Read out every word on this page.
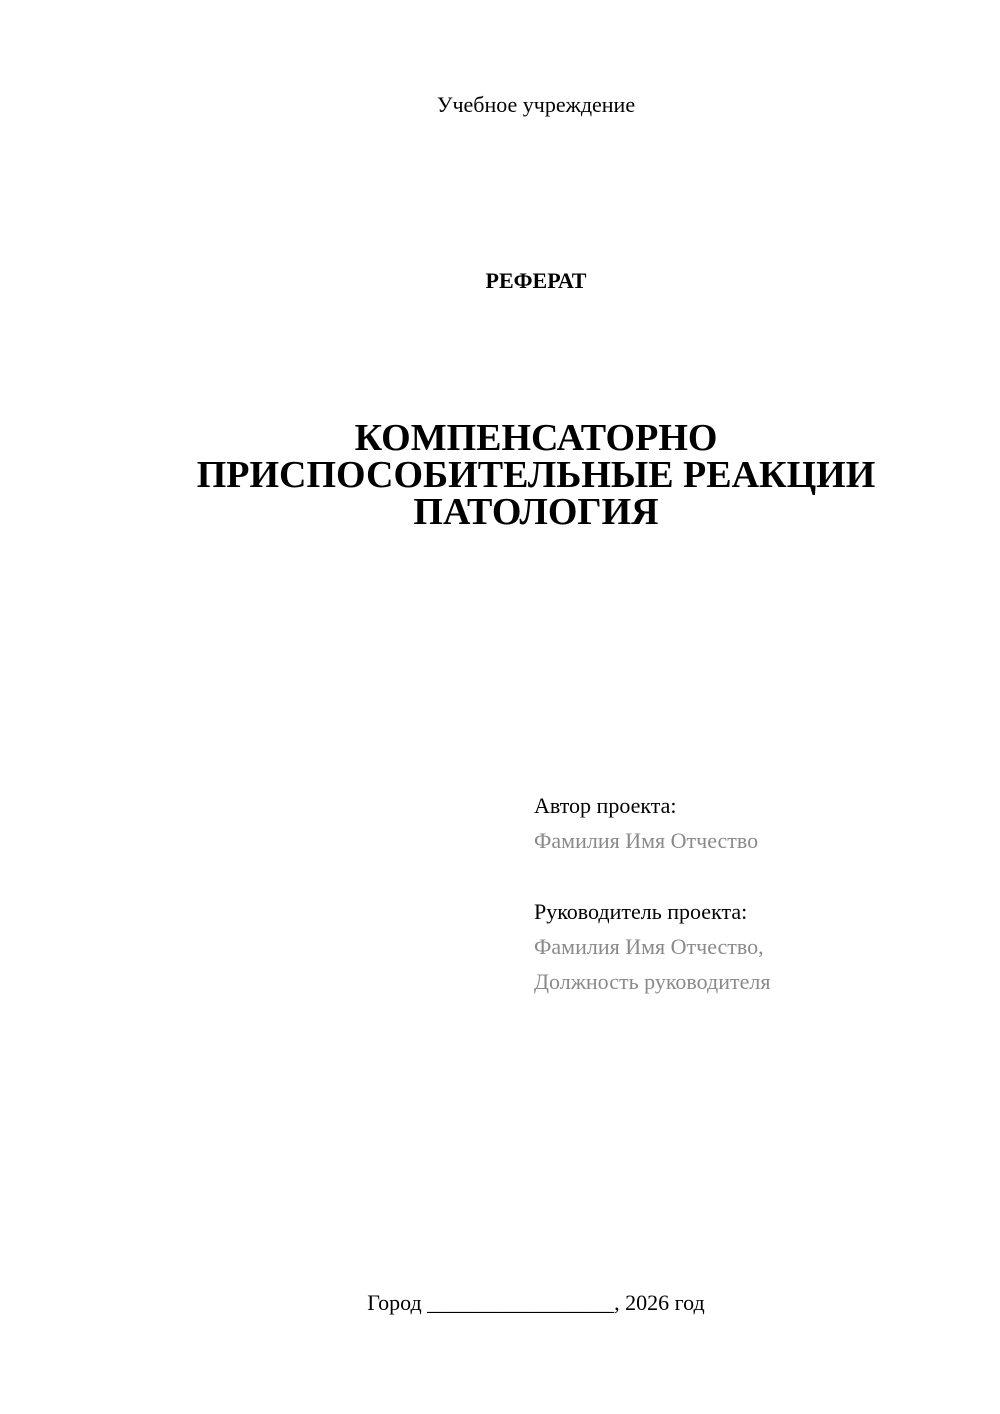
Учебное учреждение
РЕФЕРАТ
КОМПЕНСАТОРНО
ПРИСПОСОБИТЕЛЬНЫЕ РЕАКЦИИ
ПАТОЛОГИЯ
Автор проекта:
Фамилия Имя Отчество
Руководитель проекта:
Фамилия Имя Отчество,
Должность руководителя
Город _________________, 2026 год
